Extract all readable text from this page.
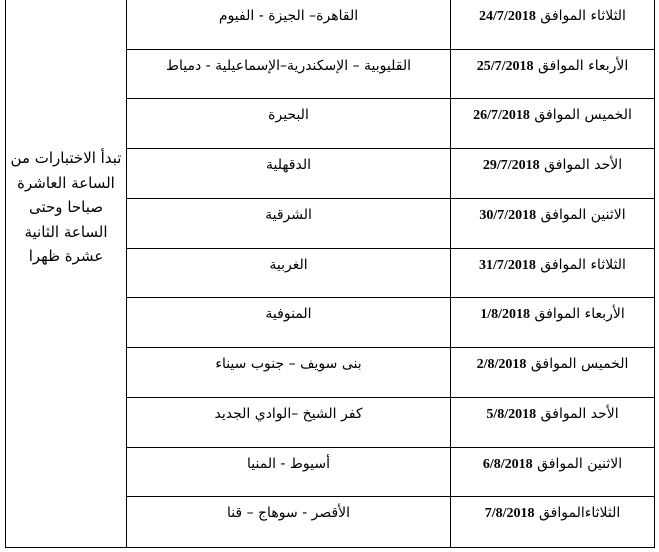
تبدأ الاختبارات من الساعة العاشرة صباحا وحتى الساعة الثانية عشرة ظهرا
القاهرة– الجيزة - الفيوم	الثلاثاء الموافق 24/7/2018
القليوبية – الإسكندرية–الإسماعيلية - دمياط	الأربعاء الموافق 25/7/2018
البحيرة	الخميس الموافق 26/7/2018
الدقهلية	الأحد الموافق 29/7/2018
الشرقية	الاثنين الموافق 30/7/2018
الغربية	الثلاثاء الموافق 31/7/2018
المنوفية	الأربعاء الموافق 1/8/2018
بنى سويف – جنوب سيناء	الخميس الموافق 2/8/2018
كفر الشيخ –الوادي الجديد	الأحد الموافق 5/8/2018
أسيوط - المنيا	الاثنين الموافق 6/8/2018
الأقصر - سوهاج – قنا	الثلاثاءالموافق 7/8/2018
